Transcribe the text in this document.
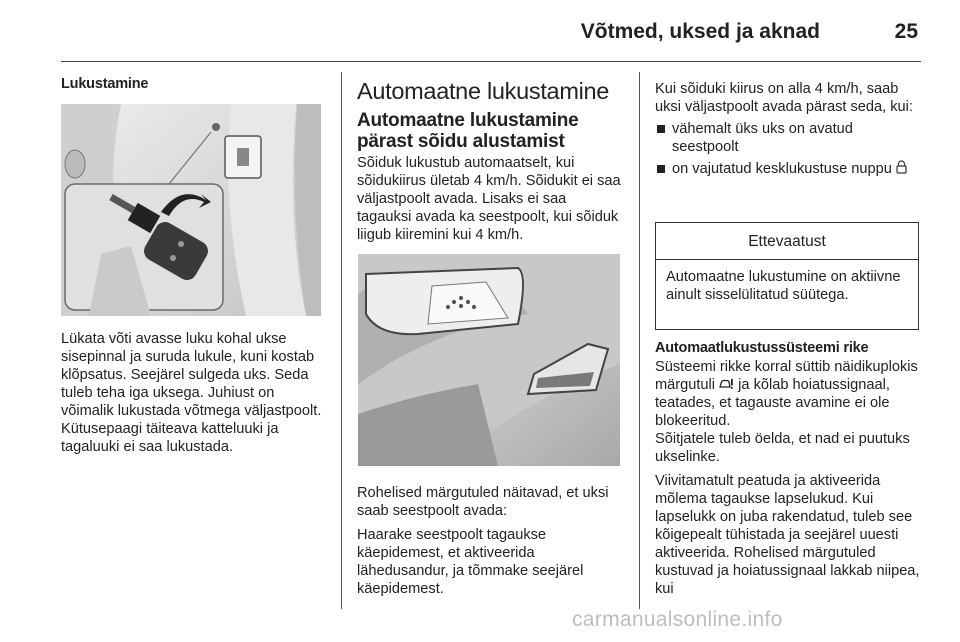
Võtmed, uksed ja aknad	25
Lukustamine

Lükata võti avasse luku kohal ukse sisepinnal ja suruda lukule, kuni kostab klõpsatus. Seejärel sulgeda uks. Seda tuleb teha iga uksega. Juhiust on võimalik lukustada võtmega väljastpoolt. Kütusepaagi täiteava katteluuki ja tagaluuki ei saa lukustada.

Automaatne lukustamine
Automaatne lukustamine pärast sõidu alustamist

Sõiduk lukustub automaatselt, kui sõidukiirus ületab 4 km/h. Sõidukit ei saa väljastpoolt avada. Lisaks ei saa tagauksi avada ka seestpoolt, kui sõiduk liigub kiiremini kui 4 km/h.

Rohelised märgutuled näitavad, et uksi saab seestpoolt avada:

Haarake seestpoolt tagaukse käepidemest, et aktiveerida lähedusandur, ja tõmmake seejärel käepidemest.

Kui sõiduki kiirus on alla 4 km/h, saab uksi väljastpoolt avada pärast seda, kui:

vähemalt üks uks on avatud seestpoolt
on vajutatud kesklukustuse nuppu
Ettevaatust
Automaatne lukustumine on aktiivne ainult sisselülitatud süütega.
Automaatlukustussüsteemi rike

Süsteemi rikke korral süttib näidikuplokis märgutuli ja kõlab hoiatussignaal, teatades, et tagauste avamine ei ole blokeeritud.

Sõitjatele tuleb öelda, et nad ei puutuks ukselinke.

Viivitamatult peatuda ja aktiveerida mõlema tagaukse lapselukud. Kui lapselukk on juba rakendatud, tuleb see kõigepealt tühistada ja seejärel uuesti aktiveerida. Rohelised märgutuled kustuvad ja hoiatussignaal lakkab niipea, kui

carmanualsonline.info
